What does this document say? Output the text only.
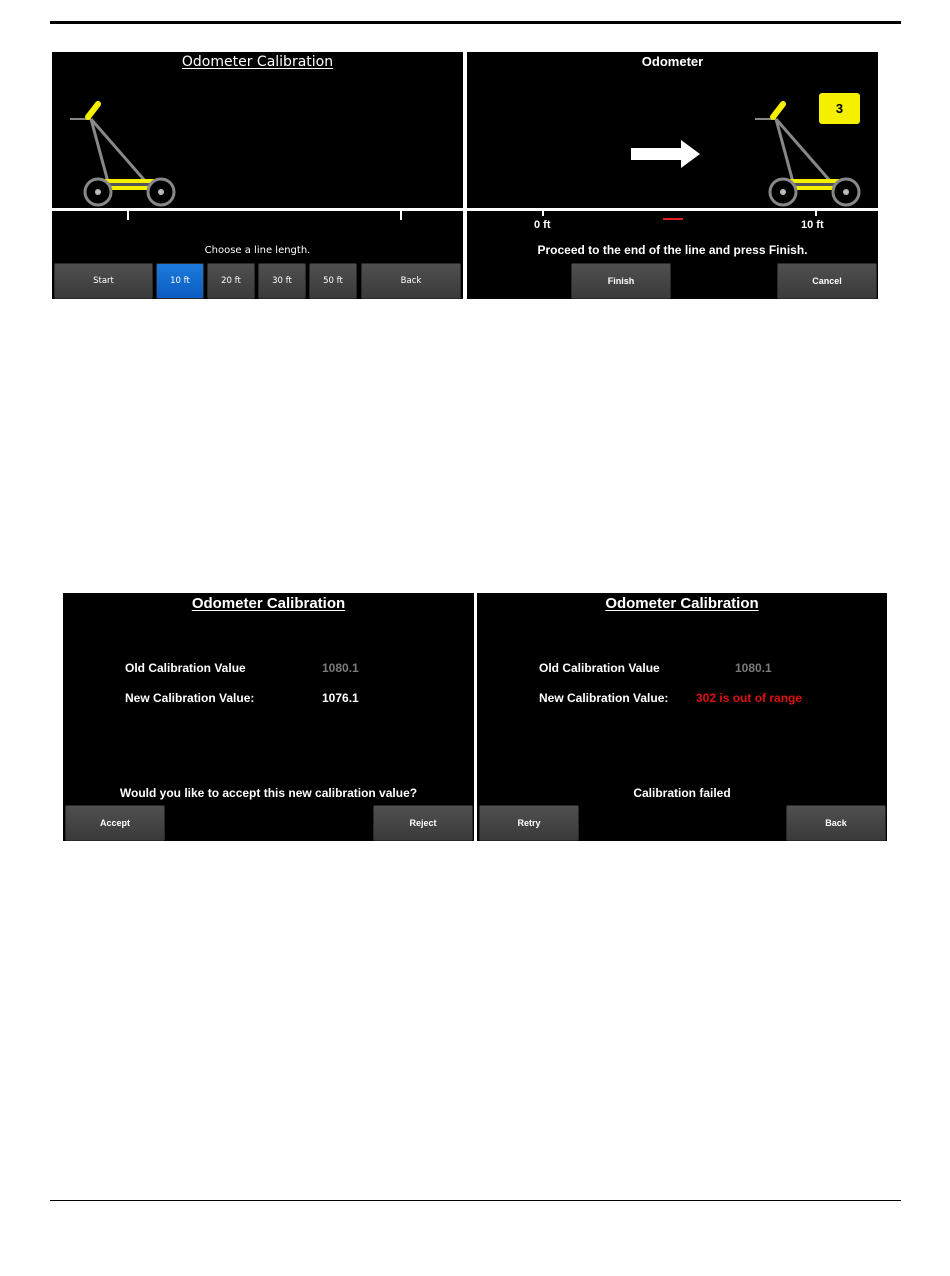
Odometer Calibration
Choose a line length.
Start	10 ft	20 ft	30 ft	50 ft	Back
Odometer
3
0 ft	10 ft
Proceed to the end of the line and press Finish.
Finish	Cancel
Odometer Calibration
Old Calibration Value	1080.1
New Calibration Value:	1076.1
Would you like to accept this new calibration value?
Accept	Reject
Odometer Calibration
Old Calibration Value	1080.1
New Calibration Value: 302 is out of range
Calibration failed
Retry	Back
